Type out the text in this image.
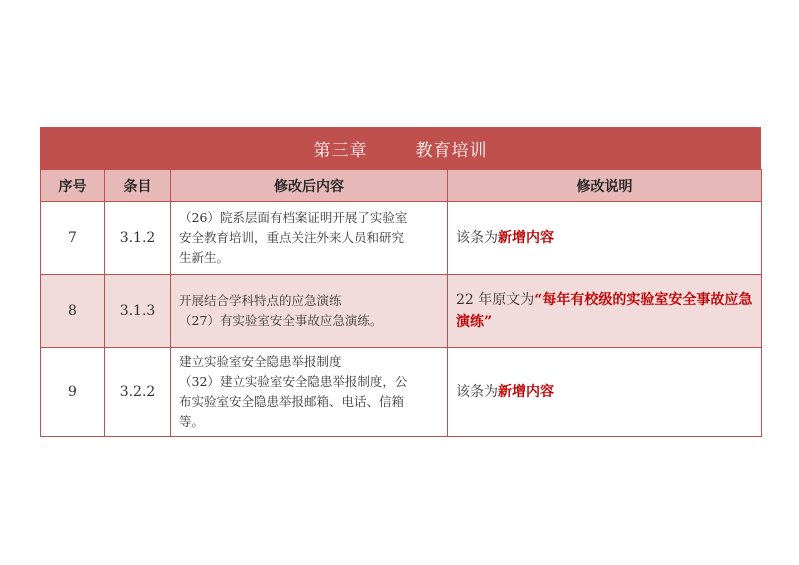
第三章	教育培训
序号	条目	修改后内容	修改说明
7	3.1.2	（26）院系层面有档案证明开展了实验室
安全教育培训，重点关注外来人员和研究
生新生。	该条为新增内容
8	3.1.3	开展结合学科特点的应急演练
（27）有实验室安全事故应急演练。	22 年原文为“每年有校级的实验室安全事故应急演练”
9	3.2.2	建立实验室安全隐患举报制度
（32）建立实验室安全隐患举报制度，公
布实验室安全隐患举报邮箱、电话、信箱
等。	该条为新增内容
